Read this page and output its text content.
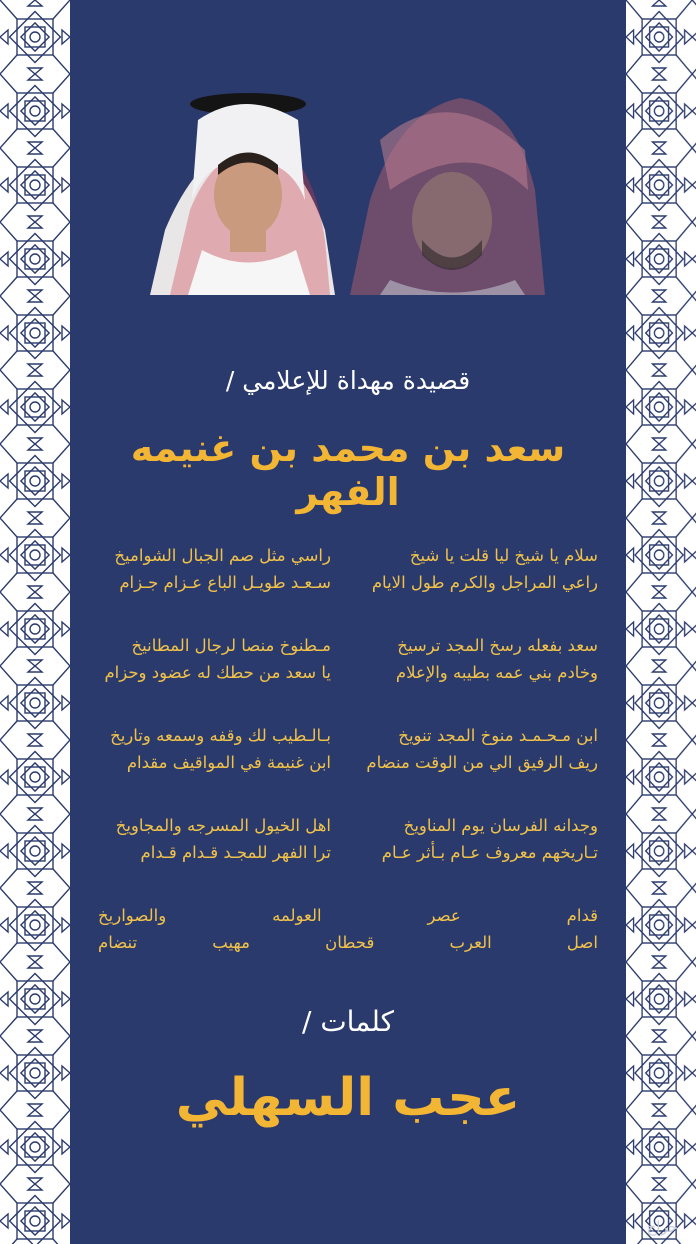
قصيدة مهداة للإعلامي /
سعد بن محمد بن غنيمه الفهر
سلام يا شيخ ليا قلت يا شيخ
راعي المراجل والكرم طول الايام
راسي مثل صم الجبال الشواميخ
سـعـد طويـل الباع عـزام جـزام
سعد بفعله رسخ المجد ترسيخ
وخادم بني عمه بطيبه والإعلام
مـطنوخ منصا لرجال المطانيخ
يا سعد من حطك له عضود وحزام
ابن مـحـمـد منوخ المجد تنويخ
ريف الرفيق الي من الوقت منضام
بـالـطيب لك وقفه وسمعه وتاريخ
ابن غنيمة في المواقيف مقدام
وجدانه الفرسان يوم المناويخ
تـاريخهم معروف عـام بـأثر عـام
اهل الخيول المسرجه والمجاويخ
ترا الفهر للمجـد قـدام قـدام
قدام عصر العولمه والصواريخ
اصل العرب قحطان مهيب تنضام
كلمات /
عجب السهلي
حراج
